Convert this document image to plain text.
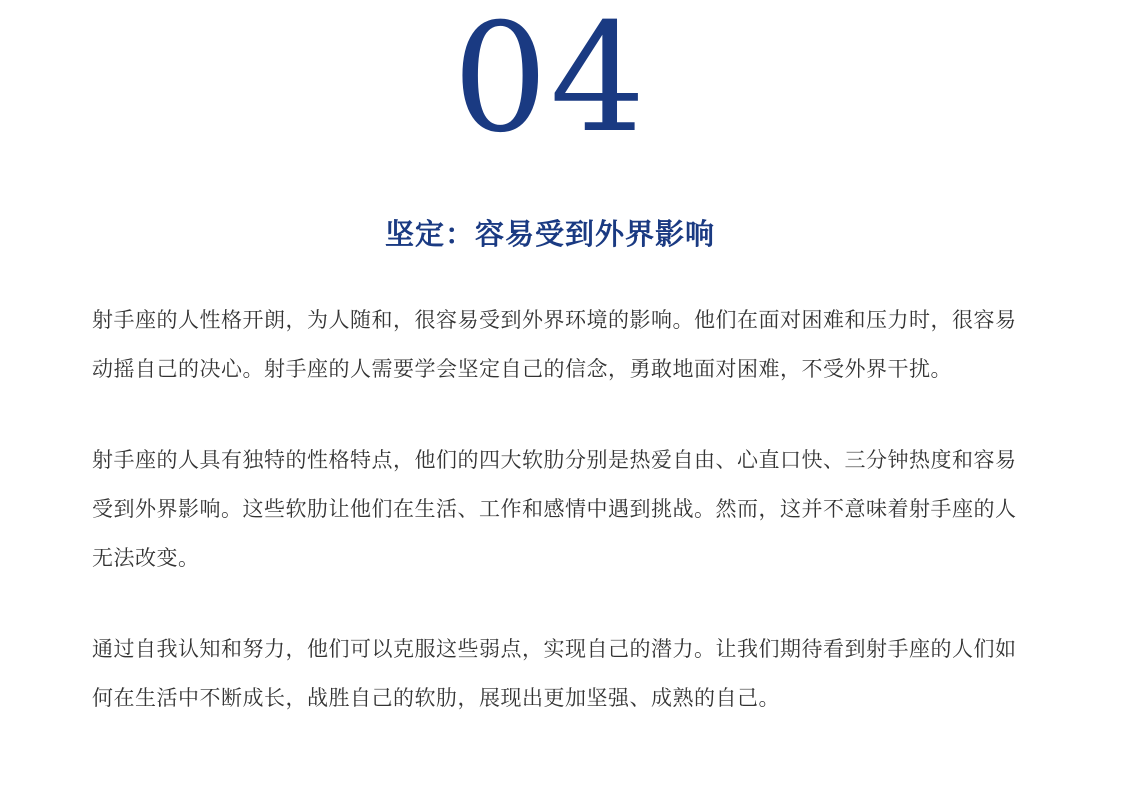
04
坚定：容易受到外界影响

射手座的人性格开朗，为人随和，很容易受到外界环境的影响。他们在面对困难和压力时，很容易动摇自己的决心。射手座的人需要学会坚定自己的信念，勇敢地面对困难，不受外界干扰。

射手座的人具有独特的性格特点，他们的四大软肋分别是热爱自由、心直口快、三分钟热度和容易受到外界影响。这些软肋让他们在生活、工作和感情中遇到挑战。然而，这并不意味着射手座的人无法改变。

通过自我认知和努力，他们可以克服这些弱点，实现自己的潜力。让我们期待看到射手座的人们如何在生活中不断成长，战胜自己的软肋，展现出更加坚强、成熟的自己。
